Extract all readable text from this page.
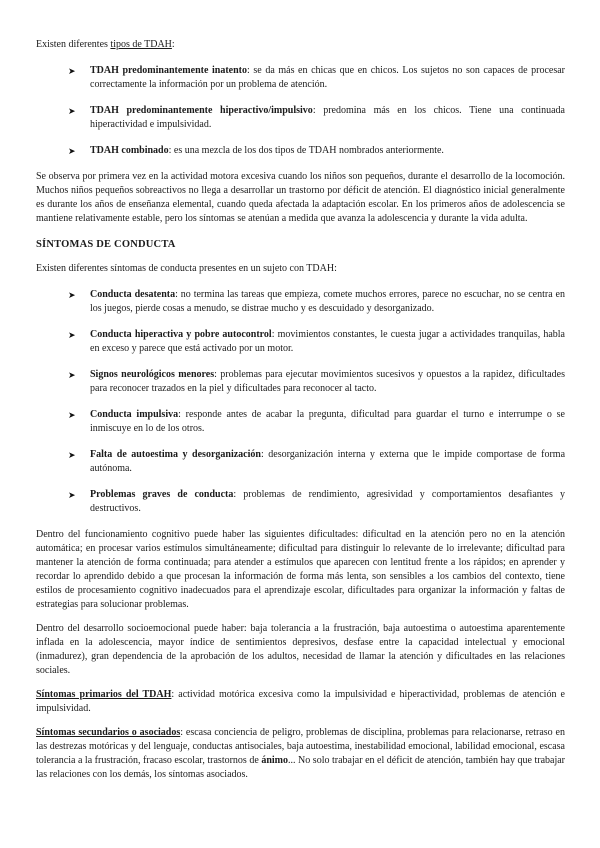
Existen diferentes tipos de TDAH:

➤ TDAH predominantemente inatento: se da más en chicas que en chicos. Los sujetos no son capaces de procesar correctamente la información por un problema de atención.
➤ TDAH predominantemente hiperactivo/impulsivo: predomina más en los chicos. Tiene una continuada hiperactividad e impulsividad.
➤ TDAH combinado: es una mezcla de los dos tipos de TDAH nombrados anteriormente.

Se observa por primera vez en la actividad motora excesiva cuando los niños son pequeños, durante el desarrollo de la locomoción. Muchos niños pequeños sobreactivos no llega a desarrollar un trastorno por déficit de atención. El diagnóstico inicial generalmente es durante los años de enseñanza elemental, cuando queda afectada la adaptación escolar. En los primeros años de adolescencia se mantiene relativamente estable, pero los síntomas se atenúan a medida que avanza la adolescencia y durante la vida adulta.

SÍNTOMAS DE CONDUCTA

Existen diferentes síntomas de conducta presentes en un sujeto con TDAH:

➤ Conducta desatenta: no termina las tareas que empieza, comete muchos errores, parece no escuchar, no se centra en los juegos, pierde cosas a menudo, se distrae mucho y es descuidado y desorganizado.
➤ Conducta hiperactiva y pobre autocontrol: movimientos constantes, le cuesta jugar a actividades tranquilas, habla en exceso y parece que está activado por un motor.
➤ Signos neurológicos menores: problemas para ejecutar movimientos sucesivos y opuestos a la rapidez, dificultades para reconocer trazados en la piel y dificultades para reconocer al tacto.
➤ Conducta impulsiva: responde antes de acabar la pregunta, dificultad para guardar el turno e interrumpe o se inmiscuye en lo de los otros.
➤ Falta de autoestima y desorganización: desorganización interna y externa que le impide comportase de forma autónoma.
➤ Problemas graves de conducta: problemas de rendimiento, agresividad y comportamientos desafiantes y destructivos.

Dentro del funcionamiento cognitivo puede haber las siguientes dificultades: dificultad en la atención pero no en la atención automática; en procesar varios estímulos simultáneamente; dificultad para distinguir lo relevante de lo irrelevante; dificultad para mantener la atención de forma continuada; para atender a estímulos que aparecen con lentitud frente a los rápidos; en aprender y recordar lo aprendido debido a que procesan la información de forma más lenta, son sensibles a los cambios del contexto, tiene estilos de procesamiento cognitivo inadecuados para el aprendizaje escolar, dificultades para organizar la información y faltas de estrategias para solucionar problemas.

Dentro del desarrollo socioemocional puede haber: baja tolerancia a la frustración, baja autoestima o autoestima aparentemente inflada en la adolescencia, mayor índice de sentimientos depresivos, desfase entre la capacidad intelectual y emocional (inmadurez), gran dependencia de la aprobación de los adultos, necesidad de llamar la atención y dificultades en las relaciones sociales.

Síntomas primarios del TDAH: actividad motórica excesiva como la impulsividad e hiperactividad, problemas de atención e impulsividad.

Síntomas secundarios o asociados: escasa conciencia de peligro, problemas de disciplina, problemas para relacionarse, retraso en las destrezas motóricas y del lenguaje, conductas antisociales, baja autoestima, inestabilidad emocional, labilidad emocional, escasa tolerancia a la frustración, fracaso escolar, trastornos de ánimo... No solo trabajar en el déficit de atención, también hay que trabajar las relaciones con los demás, los síntomas asociados.
